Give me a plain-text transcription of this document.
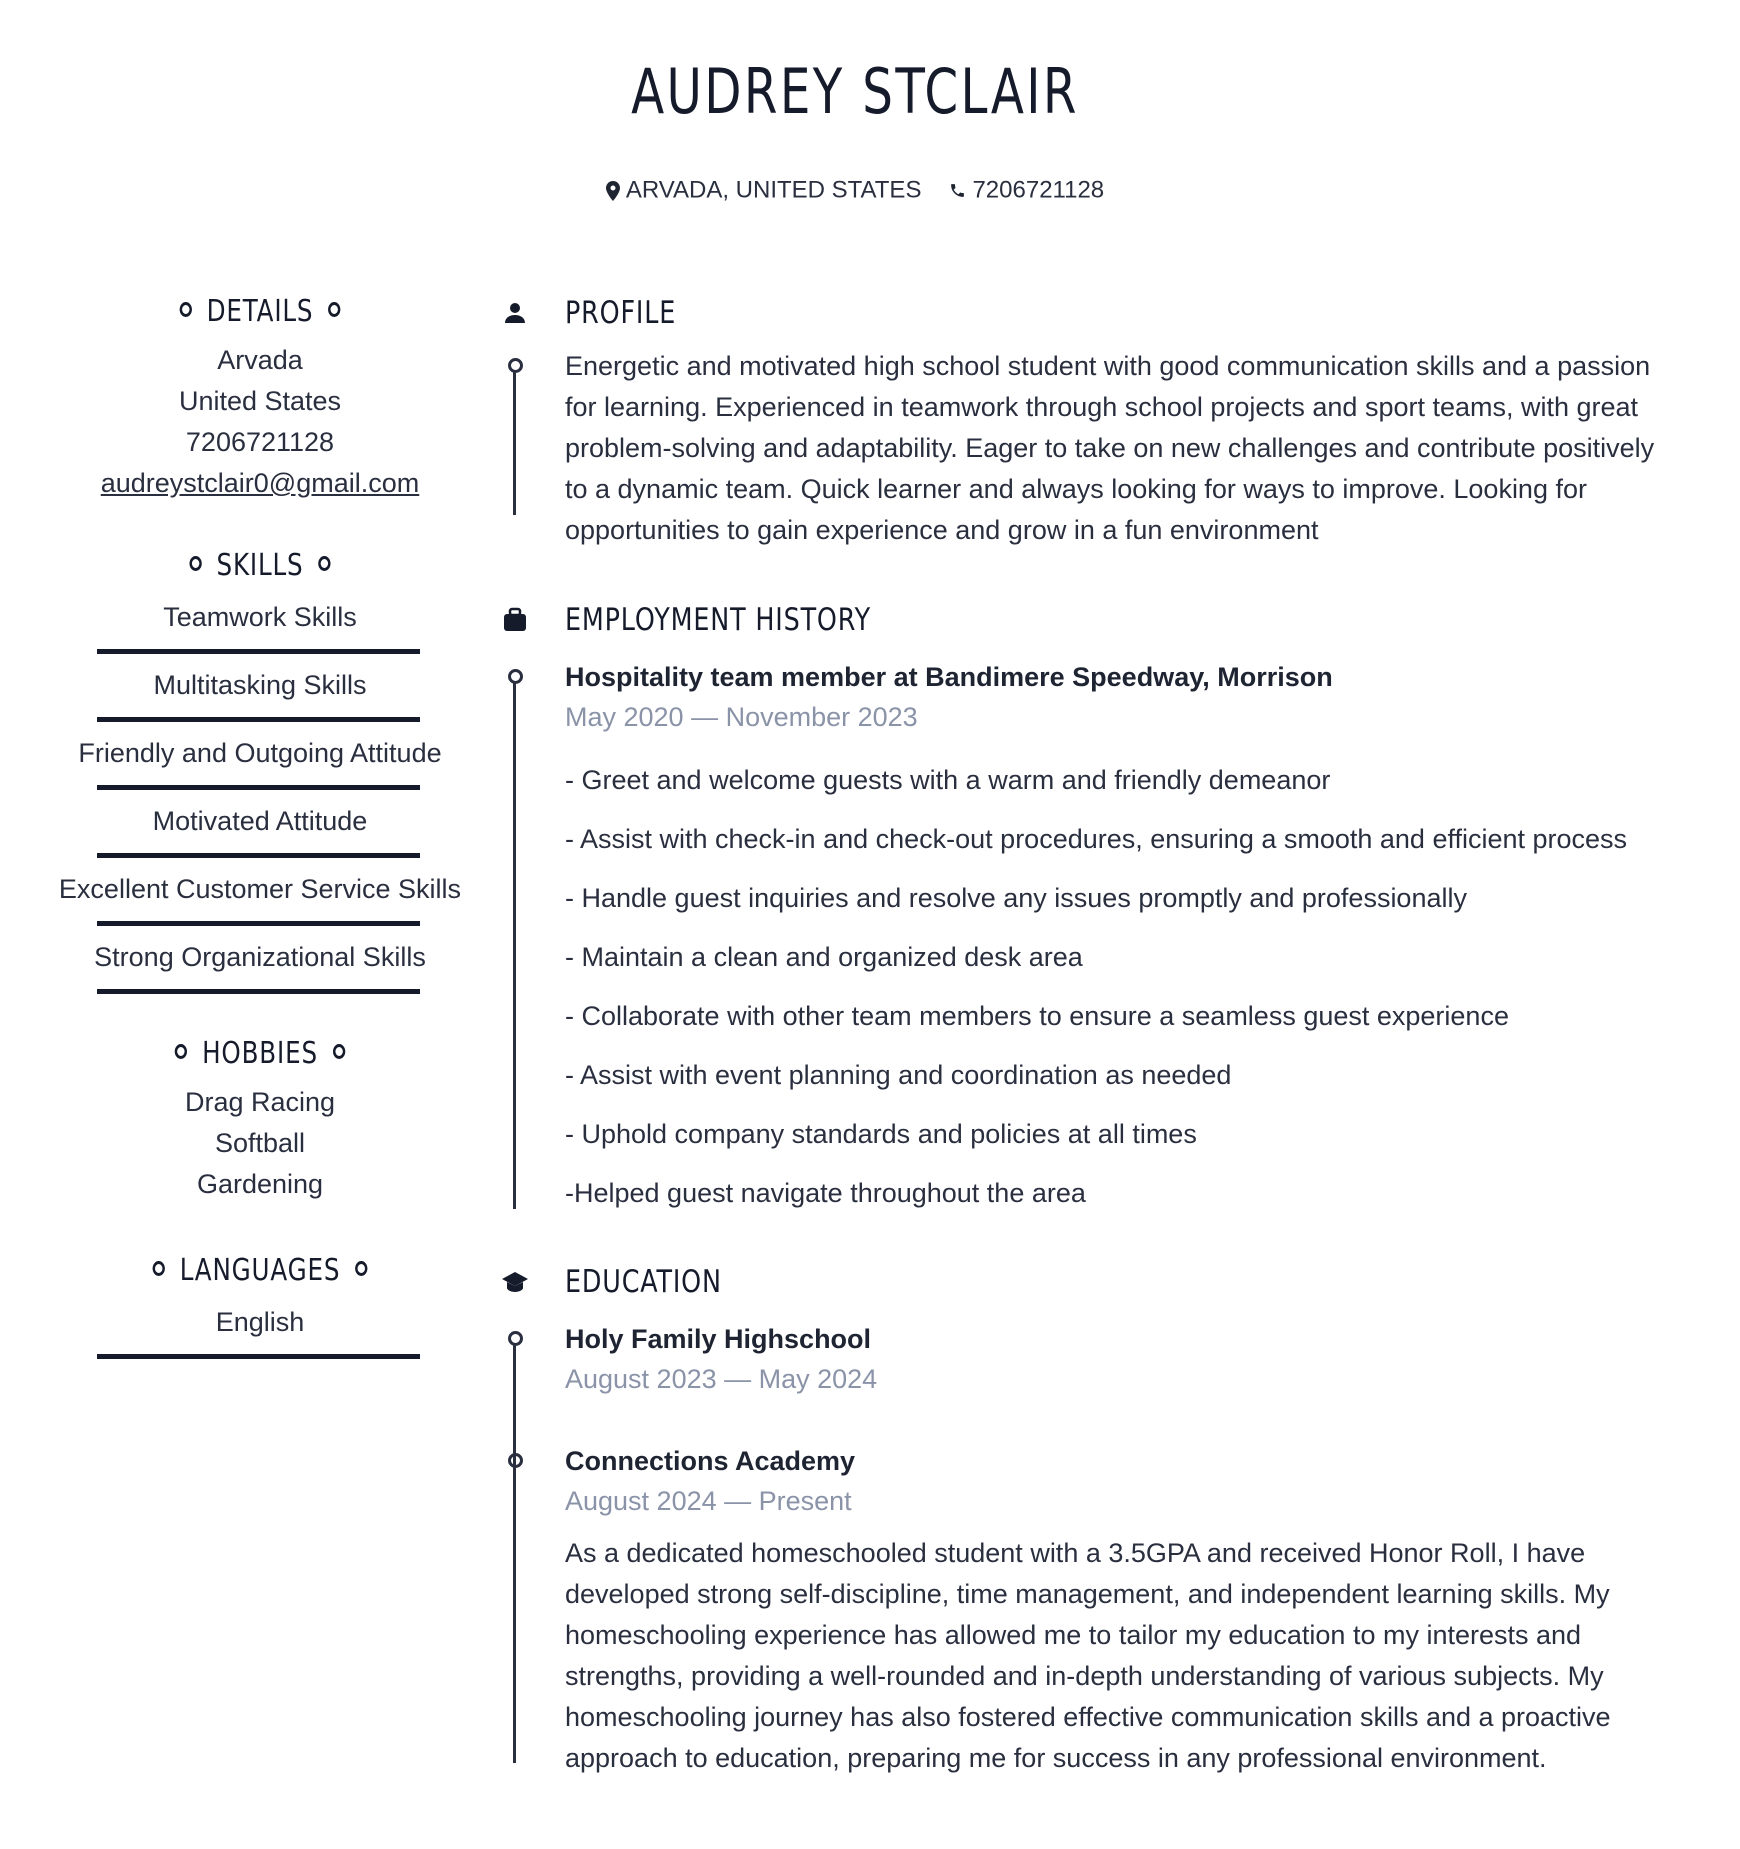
AUDREY STCLAIR
ARVADA, UNITED STATES 7206721128
DETAILS
Arvada
United States
7206721128
audreystclair0@gmail.com
SKILLS
Teamwork Skills
Multitasking Skills
Friendly and Outgoing Attitude
Motivated Attitude
Excellent Customer Service Skills
Strong Organizational Skills
HOBBIES
Drag Racing
Softball
Gardening
LANGUAGES
English
PROFILE
Energetic and motivated high school student with good communication skills and a passion for learning. Experienced in teamwork through school projects and sport teams, with great problem-solving and adaptability. Eager to take on new challenges and contribute positively to a dynamic team. Quick learner and always looking for ways to improve. Looking for opportunities to gain experience and grow in a fun environment
EMPLOYMENT HISTORY
Hospitality team member at Bandimere Speedway, Morrison
May 2020 — November 2023
- Greet and welcome guests with a warm and friendly demeanor
- Assist with check-in and check-out procedures, ensuring a smooth and efficient process
- Handle guest inquiries and resolve any issues promptly and professionally
- Maintain a clean and organized desk area
- Collaborate with other team members to ensure a seamless guest experience
- Assist with event planning and coordination as needed
- Uphold company standards and policies at all times
-Helped guest navigate throughout the area
EDUCATION
Holy Family Highschool
August 2023 — May 2024
Connections Academy
August 2024 — Present
As a dedicated homeschooled student with a 3.5GPA and received Honor Roll, I have developed strong self-discipline, time management, and independent learning skills. My homeschooling experience has allowed me to tailor my education to my interests and strengths, providing a well-rounded and in-depth understanding of various subjects. My homeschooling journey has also fostered effective communication skills and a proactive approach to education, preparing me for success in any professional environment.
